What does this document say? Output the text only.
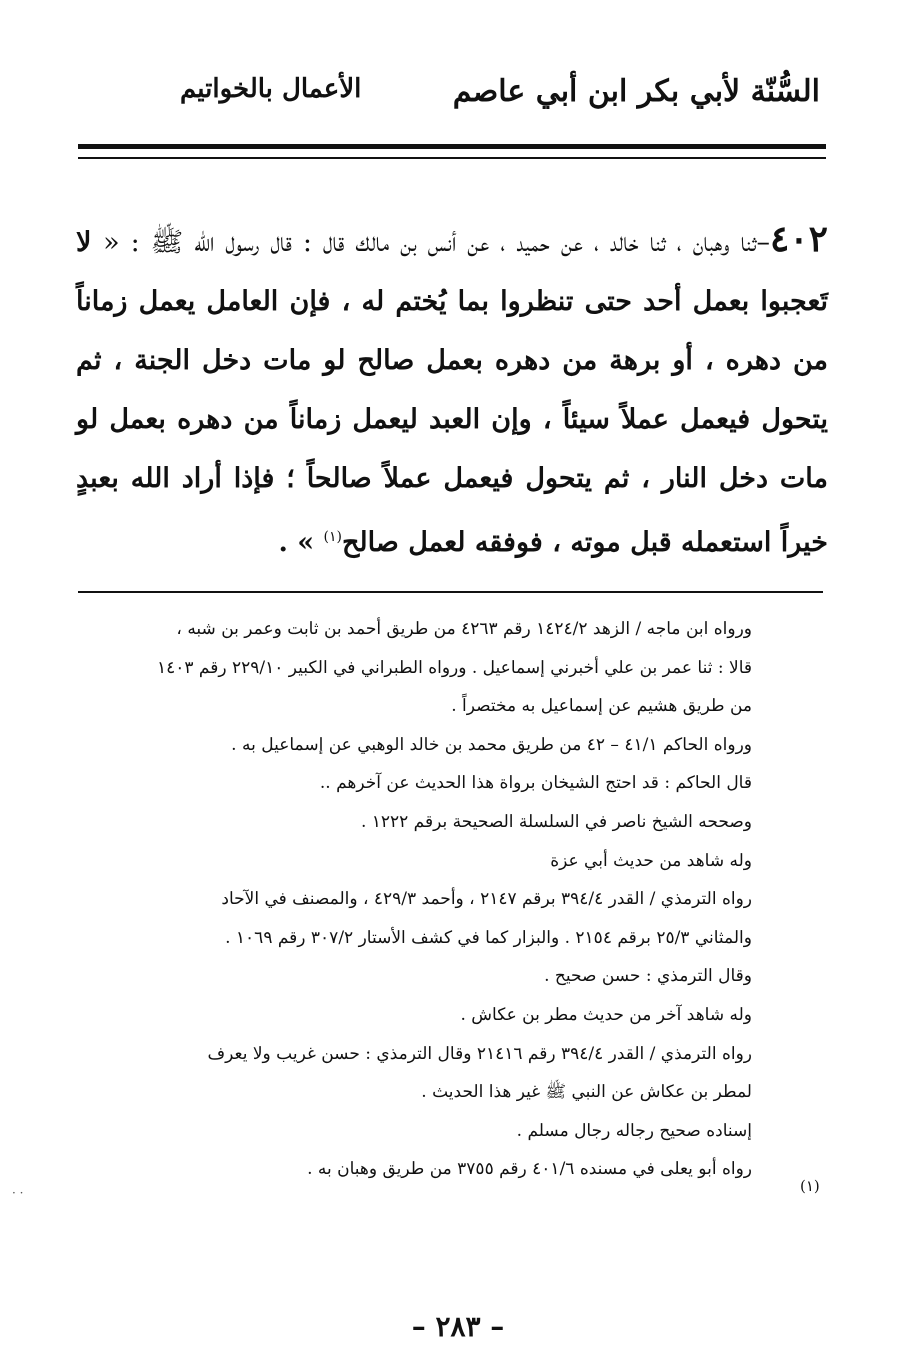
السُّنّة لأبي بكر ابن أبي عاصم
الأعمال بالخواتيم
٤٠٢–ثنا وهبان ، ثنا خالد ، عن حميد ، عن أنس بن مالك قال : قال رسول الله ﷺ : « لا تَعجبوا بعمل أحد حتى تنظروا بما يُختم له ، فإن العامل يعمل زماناً من دهره ، أو برهة من دهره بعمل صالح لو مات دخل الجنة ، ثم يتحول فيعمل عملاً سيئاً ، وإن العبد ليعمل زماناً من دهره بعمل لو مات دخل النار ، ثم يتحول فيعمل عملاً صالحاً ؛ فإذا أراد الله بعبدٍ خيراً استعمله قبل موته ، فوفقه لعمل صالح$^{(١)}$ » .
ورواه ابن ماجه / الزهد ١٤٢٤/٢ رقم ٤٢٦٣ من طريق أحمد بن ثابت وعمر بن شبه ،
قالا : ثنا عمر بن علي أخبرني إسماعيل . ورواه الطبراني في الكبير ٢٢٩/١٠ رقم ١٤٠٣
من طريق هشيم عن إسماعيل به مختصراً .
ورواه الحاكم ٤١/١ – ٤٢ من طريق محمد بن خالد الوهبي عن إسماعيل به .
قال الحاكم : قد احتج الشيخان برواة هذا الحديث عن آخرهم ..
وصححه الشيخ ناصر في السلسلة الصحيحة برقم ١٢٢٢ .
وله شاهد من حديث أبي عزة
رواه الترمذي / القدر ٣٩٤/٤ برقم ٢١٤٧ ، وأحمد ٤٢٩/٣ ، والمصنف في الآحاد
والمثاني ٢٥/٣ برقم ٢١٥٤ . والبزار كما في كشف الأستار ٣٠٧/٢ رقم ١٠٦٩ .
وقال الترمذي : حسن صحيح .
وله شاهد آخر من حديث مطر بن عكاش .
رواه الترمذي / القدر ٣٩٤/٤ رقم ٢١٤١٦ وقال الترمذي : حسن غريب ولا يعرف
لمطر بن عكاش عن النبي ﷺ غير هذا الحديث .
إسناده صحيح رجاله رجال مسلم .
رواه أبو يعلى في مسنده ٤٠١/٦ رقم ٣٧٥٥ من طريق وهبان به .
(١)
· ·
– ٢٨٣ –
